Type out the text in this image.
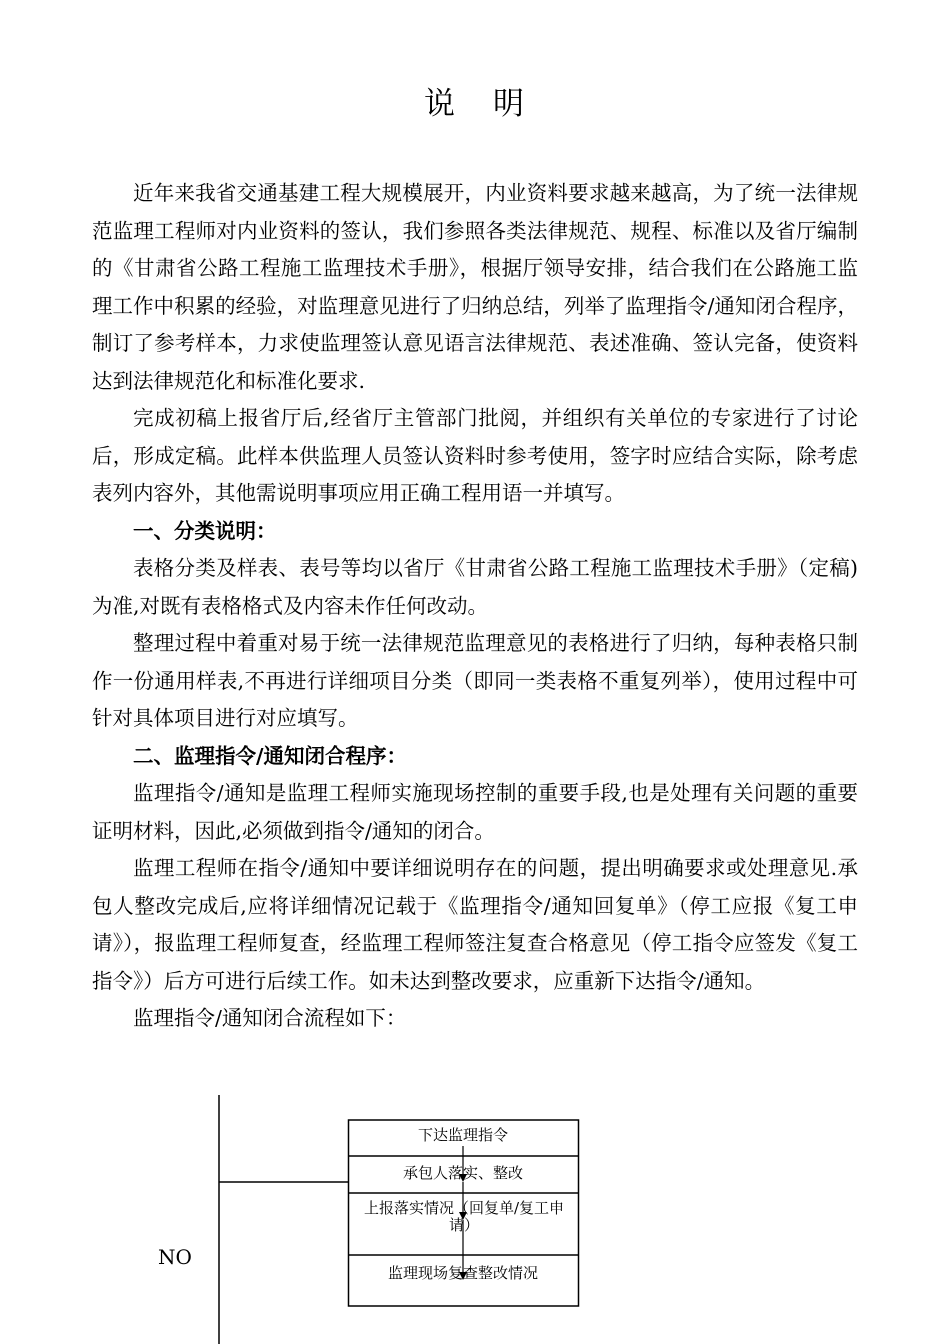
说 明

近年来我省交通基建工程大规模展开，内业资料要求越来越高，为了统一法律规范监理工程师对内业资料的签认，我们参照各类法律规范、规程、标准以及省厅编制的《甘肃省公路工程施工监理技术手册》，根据厅领导安排，结合我们在公路施工监理工作中积累的经验，对监理意见进行了归纳总结，列举了监理指令/通知闭合程序，制订了参考样本，力求使监理签认意见语言法律规范、表述准确、签认完备，使资料达到法律规范化和标准化要求.

完成初稿上报省厅后,经省厅主管部门批阅，并组织有关单位的专家进行了讨论后，形成定稿。此样本供监理人员签认资料时参考使用，签字时应结合实际，除考虑表列内容外，其他需说明事项应用正确工程用语一并填写。

一、分类说明：

表格分类及样表、表号等均以省厅《甘肃省公路工程施工监理技术手册》（定稿)为准,对既有表格格式及内容未作任何改动。

整理过程中着重对易于统一法律规范监理意见的表格进行了归纳，每种表格只制作一份通用样表,不再进行详细项目分类（即同一类表格不重复列举），使用过程中可针对具体项目进行对应填写。

二、监理指令/通知闭合程序：

监理指令/通知是监理工程师实施现场控制的重要手段,也是处理有关问题的重要证明材料，因此,必须做到指令/通知的闭合。

监理工程师在指令/通知中要详细说明存在的问题，提出明确要求或处理意见.承包人整改完成后,应将详细情况记载于《监理指令/通知回复单》（停工应报《复工申请》），报监理工程师复查，经监理工程师签注复查合格意见（停工指令应签发《复工指令》）后方可进行后续工作。如未达到整改要求，应重新下达指令/通知。

监理指令/通知闭合流程如下：

下达监理指令
承包人落实、整改
上报落实情况（回复单/复工申请）
监理现场复查整改情况
NO
